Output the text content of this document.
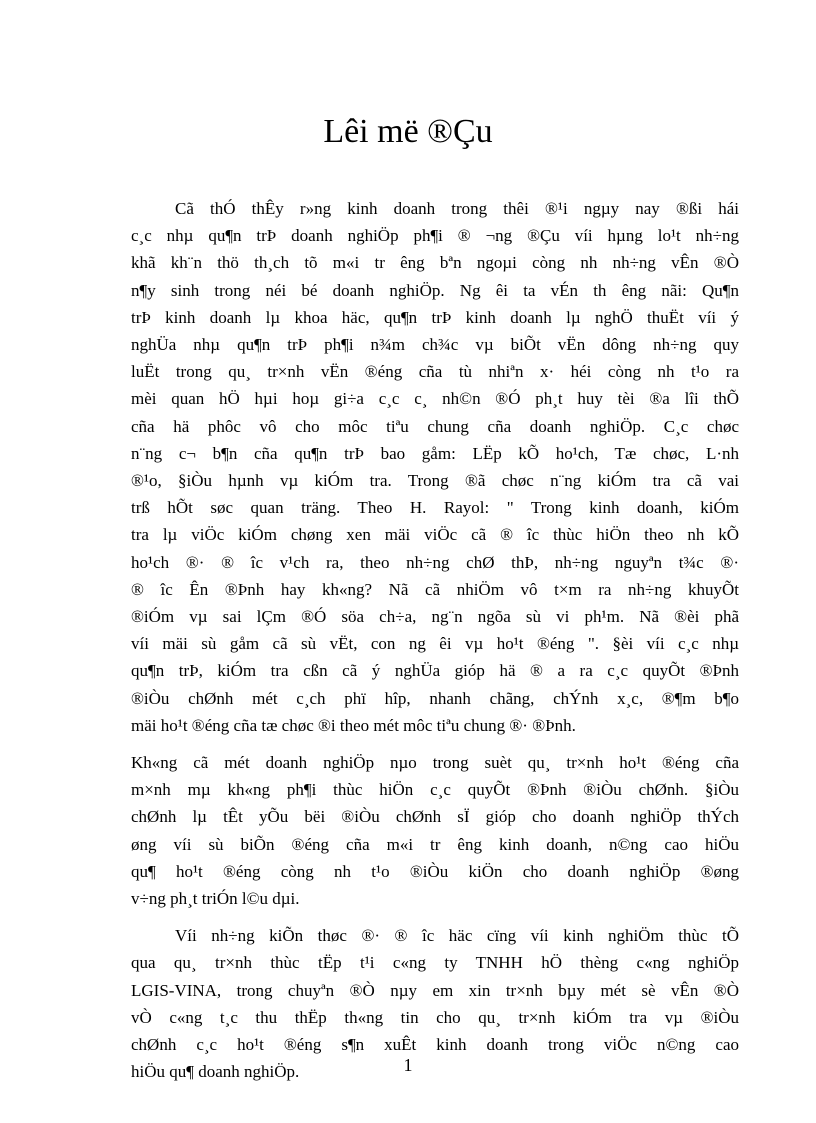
Lêi më ®Çu
Cã thÓ thÊy r»ng kinh doanh trong thêi ®¹i ngµy nay ®ßi hái
c¸c nhµ qu¶n trÞ doanh nghiÖp ph¶i ® ¬ng ®Çu víi hµng lo¹t nh÷ng
khã kh¨n thö th¸ch tõ m«i tr êng bªn ngoµi còng nh nh÷ng vÊn ®Ò
n¶y sinh trong néi bé doanh nghiÖp. Ng êi ta vÉn th êng nãi: Qu¶n
trÞ kinh doanh lµ khoa häc, qu¶n trÞ kinh doanh lµ nghÖ thuËt víi ý
nghÜa nhµ qu¶n trÞ ph¶i n¾m ch¾c vµ biÕt vËn dông nh÷ng quy
luËt trong qu¸ tr×nh vËn ®éng cña tù nhiªn x· héi còng nh t¹o ra
mèi quan hÖ hµi hoµ gi÷a c¸c c¸ nh©n ®Ó ph¸t huy tèi ®a lîi thÕ
cña hä phôc vô cho môc tiªu chung cña doanh nghiÖp. C¸c chøc
n¨ng c¬ b¶n cña qu¶n trÞ bao gåm: LËp kÕ ho¹ch, Tæ chøc, L·nh
®¹o, §iÒu hµnh vµ kiÓm tra. Trong ®ã chøc n¨ng kiÓm tra cã vai
trß hÕt søc quan träng. Theo H. Rayol: " Trong kinh doanh, kiÓm
tra lµ viÖc kiÓm chøng xen mäi viÖc cã ® îc thùc hiÖn theo nh kÕ
ho¹ch ®· ® îc v¹ch ra, theo nh÷ng chØ thÞ, nh÷ng nguyªn t¾c ®·
® îc Ên ®Þnh hay kh«ng? Nã cã nhiÖm vô t×m ra nh÷ng khuyÕt
®iÓm vµ sai lÇm ®Ó söa ch÷a, ng¨n ngõa sù vi ph¹m. Nã ®èi phã
víi mäi sù gåm cã sù vËt, con ng êi vµ ho¹t ®éng ". §èi víi c¸c nhµ
qu¶n trÞ, kiÓm tra cßn cã ý nghÜa gióp hä ® a ra c¸c quyÕt ®Þnh
®iÒu chØnh mét c¸ch phï hîp, nhanh chãng, chÝnh x¸c, ®¶m b¶o
mäi ho¹t ®éng cña tæ chøc ®i theo mét môc tiªu chung ®· ®Þnh.
Kh«ng cã mét doanh nghiÖp nµo trong suèt qu¸ tr×nh ho¹t ®éng cña
m×nh mµ kh«ng ph¶i thùc hiÖn c¸c quyÕt ®Þnh ®iÒu chØnh. §iÒu
chØnh lµ tÊt yÕu bëi ®iÒu chØnh sÏ gióp cho doanh nghiÖp thÝch
øng víi sù biÕn ®éng cña m«i tr êng kinh doanh, n©ng cao hiÖu
qu¶ ho¹t ®éng còng nh t¹o ®iÒu kiÖn cho doanh nghiÖp ®øng
v÷ng ph¸t triÓn l©u dµi.
Víi nh÷ng kiÕn thøc ®· ® îc häc cïng víi kinh nghiÖm thùc tÕ
qua qu¸ tr×nh thùc tËp t¹i c«ng ty TNHH hÖ thèng c«ng nghiÖp
LGIS-VINA, trong chuyªn ®Ò nµy em xin tr×nh bµy mét sè vÊn ®Ò
vÒ c«ng t¸c thu thËp th«ng tin cho qu¸ tr×nh kiÓm tra vµ ®iÒu
chØnh c¸c ho¹t ®éng s¶n xuÊt kinh doanh trong viÖc n©ng cao
hiÖu qu¶ doanh nghiÖp.	1
